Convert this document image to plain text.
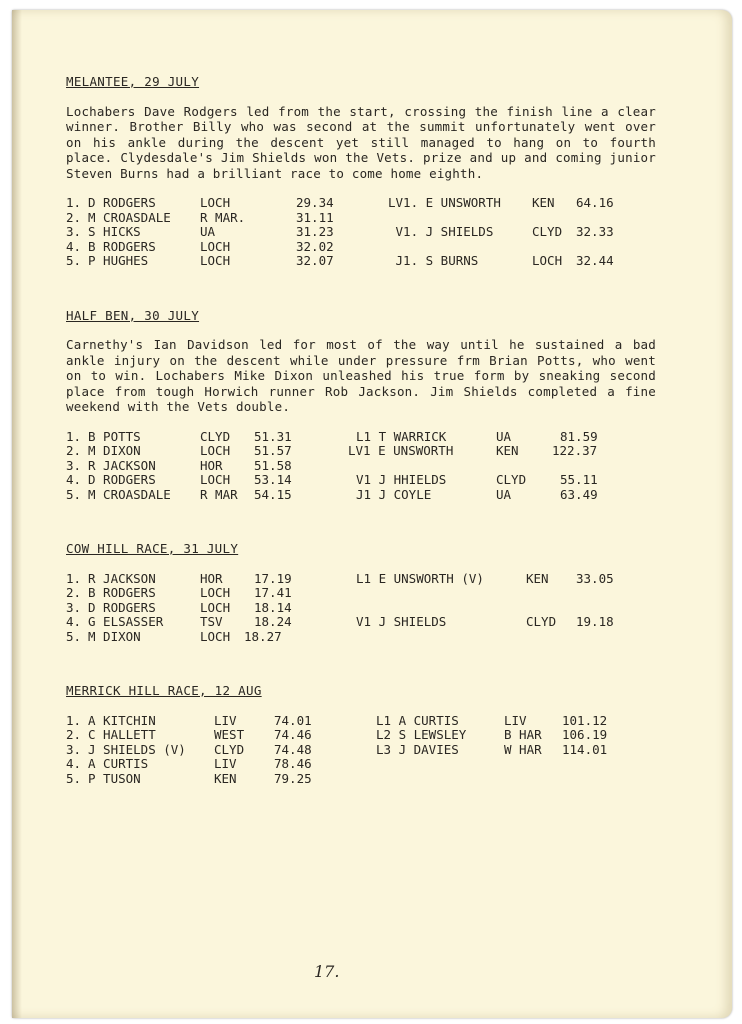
MELANTEE, 29 JULY

Lochabers Dave Rodgers led from the start, crossing the finish line a clear winner. Brother Billy who was second at the summit unfortunately went over on his ankle during the descent yet still managed to hang on to fourth place. Clydesdale's Jim Shields won the Vets. prize and up and coming junior Steven Burns had a brilliant race to come home eighth.

1. D RODGERS	LOCH	29.34	LV1. E UNSWORTH KEN 64.16
2. M CROASDALE R MAR.	31.11
3. S HICKS	UA	31.23	V1. J SHIELDS	CLYD 32.33
4. B RODGERS	LOCH	32.02
5. P HUGHES	LOCH	32.07	J1. S BURNS	LOCH 32.44

HALF BEN, 30 JULY

Carnethy's Ian Davidson led for most of the way until he sustained a bad ankle injury on the descent while under pressure frm Brian Potts, who went on to win. Lochabers Mike Dixon unleashed his true form by sneaking second place from tough Horwich runner Rob Jackson. Jim Shields completed a fine weekend with the Vets double.

1. B POTTS	CLYD 51.31	L1 T WARRICK	UA	81.59
2. M DIXON	LOCH 51.57	LV1 E UNSWORTH	KEN	122.37
3. R JACKSON	HOR	51.58
4. D RODGERS	LOCH 53.14	V1 J HHIELDS	CLYD	55.11
5. M CROASDALE R MAR 54.15	J1 J COYLE	UA	63.49

COW HILL RACE, 31 JULY

1. R JACKSON	HOR	17.19	L1 E UNSWORTH (V)	KEN 33.05
2. B RODGERS	LOCH 17.41
3. D RODGERS	LOCH 18.14
4. G ELSASSER	TSV	18.24	V1 J SHIELDS	CLYD 19.18
5. M DIXON	LOCH 18.27

MERRICK HILL RACE, 12 AUG

1. A KITCHIN	LIV	74.01	L1 A CURTIS	LIV	101.12
2. C HALLETT	WEST 74.46	L2 S LEWSLEY	B HAR 106.19
3. J SHIELDS (V) CLYD 74.48	L3 J DAVIES	W HAR 114.01
4. A CURTIS	LIV	78.46
5. P TUSON	KEN	79.25
17.
